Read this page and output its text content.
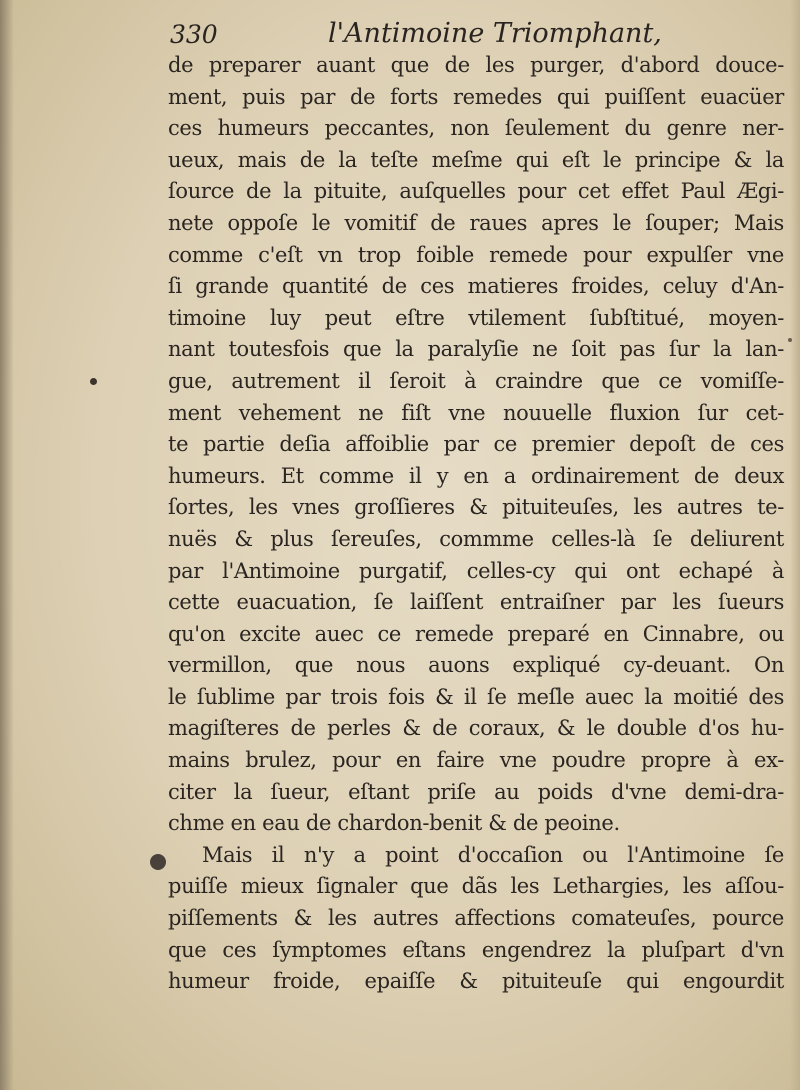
330	l'Antimoine Triomphant,
de preparer auant que de les purger, d'abord douce-
ment, puis par de forts remedes qui puiſſent euacüer
ces humeurs peccantes, non ſeulement du genre ner-
ueux, mais de la teſte meſme qui eſt le principe & la
ſource de la pituite, auſquelles pour cet effet Paul Ægi-
nete oppoſe le vomitif de raues apres le ſouper; Mais
comme c'eſt vn trop foible remede pour expulſer vne
ſi grande quantité de ces matieres froides, celuy d'An-
timoine luy peut eſtre vtilement ſubſtitué, moyen-
nant toutesfois que la paralyſie ne ſoit pas ſur la lan-
gue, autrement il ſeroit à craindre que ce vomiſſe-
ment vehement ne fiſt vne nouuelle fluxion ſur cet-
te partie deſia affoiblie par ce premier depoſt de ces
humeurs. Et comme il y en a ordinairement de deux
ſortes, les vnes groſſieres & pituiteuſes, les autres te-
nuës & plus ſereuſes, commme celles-là ſe deliurent
par l'Antimoine purgatif, celles-cy qui ont echapé à
cette euacuation, ſe laiſſent entraiſner par les ſueurs
qu'on excite auec ce remede preparé en Cinnabre, ou
vermillon, que nous auons expliqué cy-deuant. On
le ſublime par trois fois & il ſe meſle auec la moitié des
magiſteres de perles & de coraux, & le double d'os hu-
mains brulez, pour en faire vne poudre propre à ex-
citer la ſueur, eſtant priſe au poids d'vne demi-dra-
chme en eau de chardon-benit & de peoine.
Mais il n'y a point d'occaſion ou l'Antimoine ſe
puiſſe mieux ſignaler que dãs les Lethargies, les aſſou-
piſſements & les autres affections comateuſes, pource
que ces ſymptomes eſtans engendrez la pluſpart d'vn
humeur froide, epaiſſe & pituiteuſe qui engourdit
